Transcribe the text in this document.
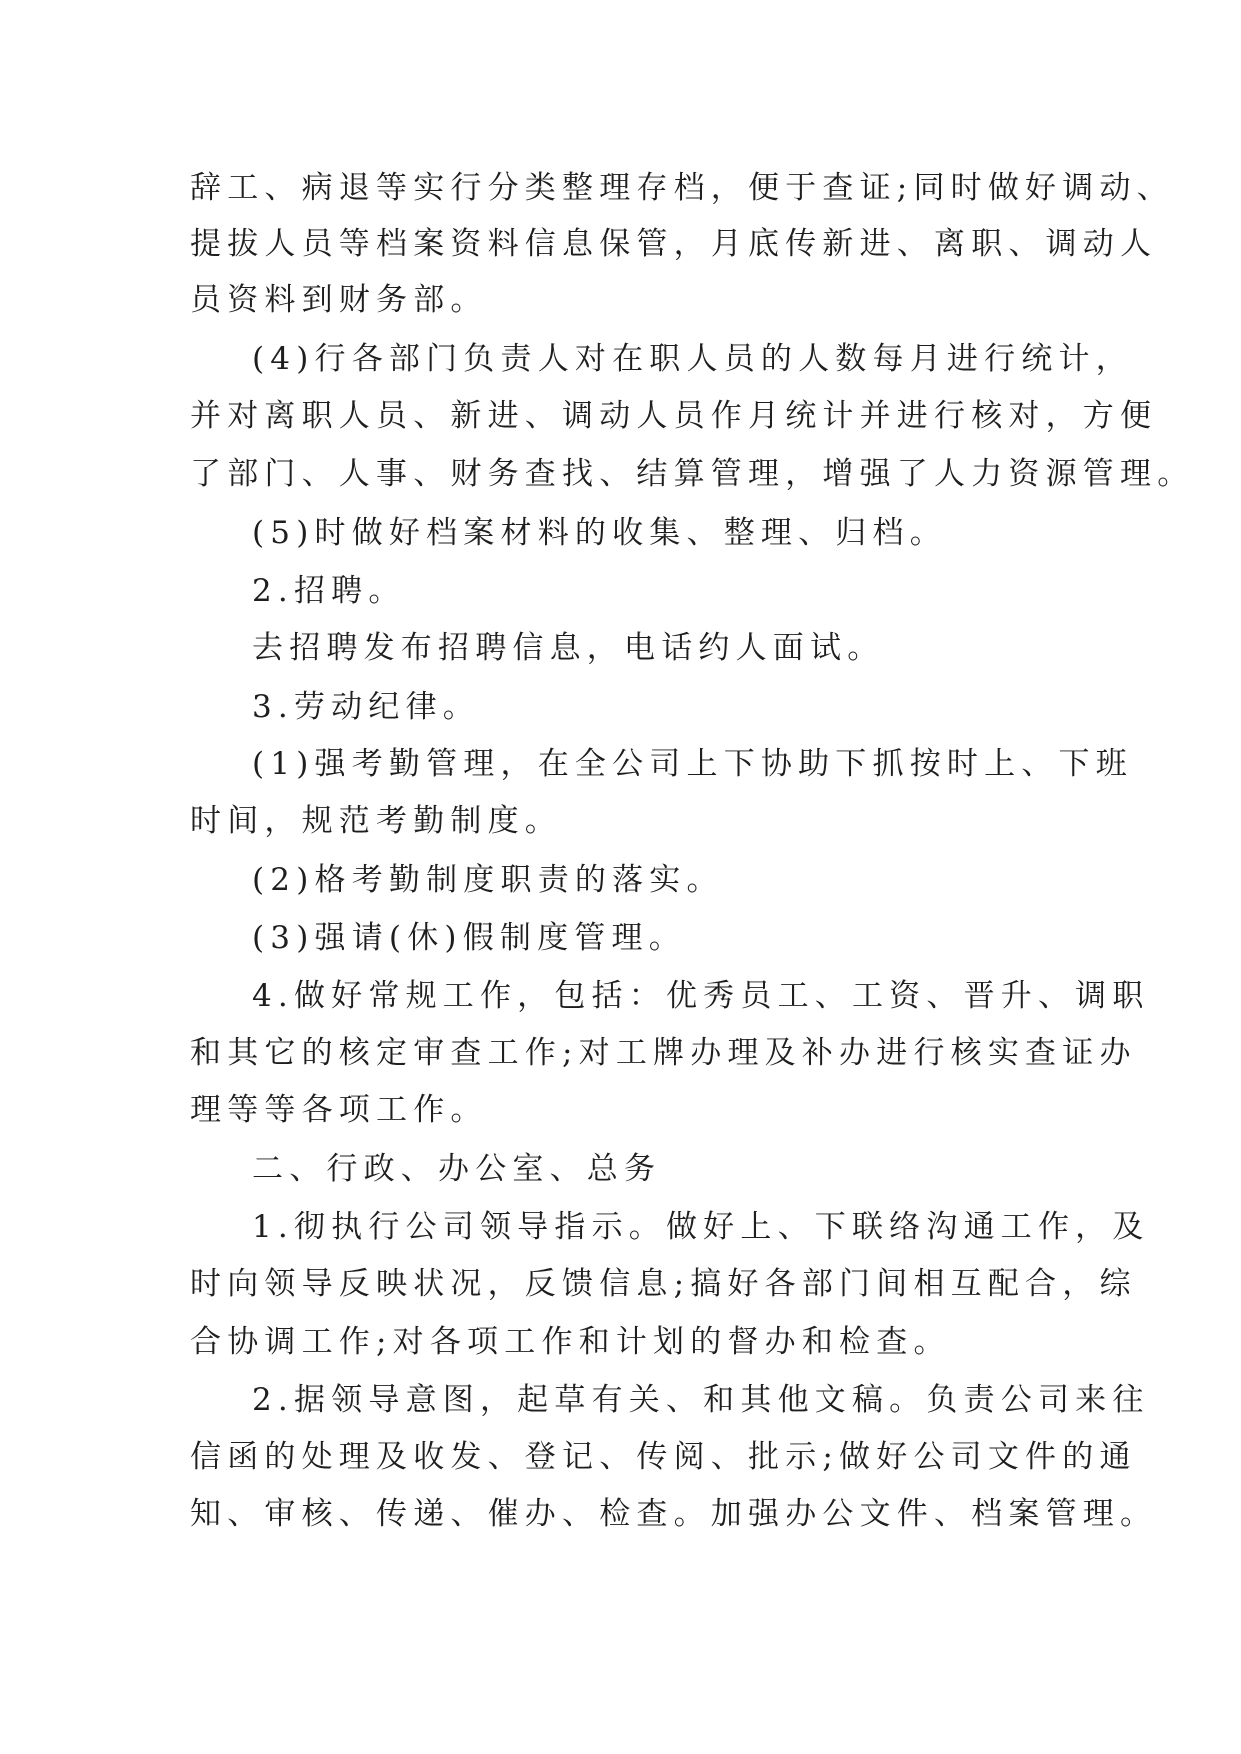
辞工、病退等实行分类整理存档，便于查证;同时做好调动、
提拔人员等档案资料信息保管，月底传新进、离职、调动人
员资料到财务部。
(4)行各部门负责人对在职人员的人数每月进行统计，
并对离职人员、新进、调动人员作月统计并进行核对，方便
了部门、人事、财务查找、结算管理，增强了人力资源管理。
(5)时做好档案材料的收集、整理、归档。
2.招聘。
去招聘发布招聘信息，电话约人面试。
3.劳动纪律。
(1)强考勤管理，在全公司上下协助下抓按时上、下班
时间，规范考勤制度。
(2)格考勤制度职责的落实。
(3)强请(休)假制度管理。
4.做好常规工作，包括：优秀员工、工资、晋升、调职
和其它的核定审查工作;对工牌办理及补办进行核实查证办
理等等各项工作。
二、行政、办公室、总务
1.彻执行公司领导指示。做好上、下联络沟通工作，及
时向领导反映状况，反馈信息;搞好各部门间相互配合，综
合协调工作;对各项工作和计划的督办和检查。
2.据领导意图，起草有关、和其他文稿。负责公司来往
信函的处理及收发、登记、传阅、批示;做好公司文件的通
知、审核、传递、催办、检查。加强办公文件、档案管理。
